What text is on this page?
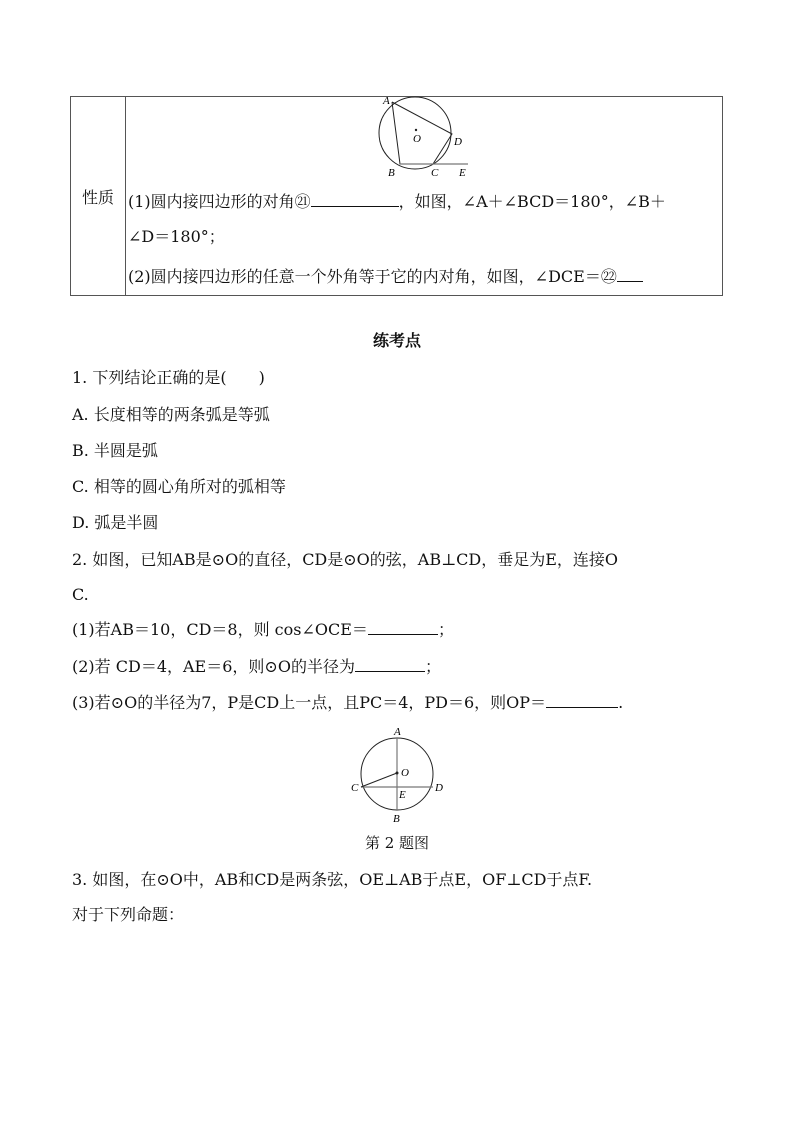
性质	
A
O	D
B	C E
(1)圆内接四边形的对角㉑	，如图，∠A＋∠BCD＝180°，∠B＋
∠D＝180°；
(2)圆内接四边形的任意一个外角等于它的内对角，如图，∠DCE＝㉒
练考点
1. 下列结论正确的是(　　)
A. 长度相等的两条弧是等弧
B. 半圆是弧
C. 相等的圆心角所对的弧相等
D. 弧是半圆
2. 如图，已知AB是⊙O的直径，CD是⊙O的弦，AB⊥CD，垂足为E，连接O
C.
(1)若AB＝10，CD＝8，则 cos∠OCE＝	；
(2)若 CD＝4，AE＝6，则⊙O的半径为	；
(3)若⊙O的半径为7，P是CD上一点，且PC＝4，PD＝6，则OP＝	.
A
O
C	D
E
B
第 2 题图
3. 如图，在⊙O中，AB和CD是两条弦，OE⊥AB于点E，OF⊥CD于点F.
对于下列命题：
